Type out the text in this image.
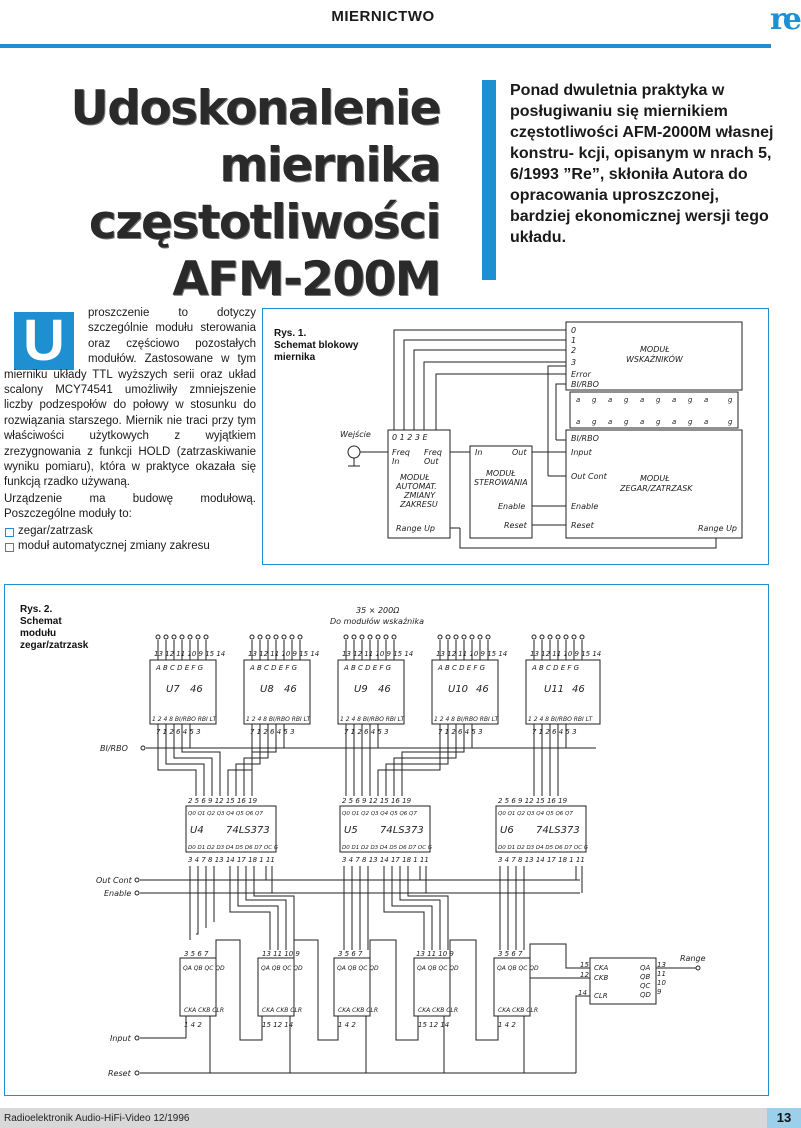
MIERNICTWO	re
Udoskonalenie
miernika
częstotliwości
AFM-200M
Ponad dwuletnia praktyka w posługiwaniu się miernikiem częstotliwości AFM-2000M własnej konstru- kcji, opisanym w nrach 5, 6/1993 ”Re”, skłoniła Autora do opracowania uproszczonej, bardziej ekonomicznej wersji tego układu.
U	proszczenie to dotyczy szczególnie modułu sterowania oraz częściowo pozostałych modułów. Zastosowane w tym mierniku układy TTL wyższych serii oraz układ scalony MCY74541 umożliwiły zmniejszenie liczby podzespołów do połowy w stosunku do rozwiązania starszego. Miernik nie traci przy tym właściwości użytkowych z wyjątkiem zrezygnowania z funkcji HOLD (zatrzaskiwanie wyniku pomiaru), która w praktyce okazała się funkcją rzadko używaną.

Urządzenie ma budowę modułową. Poszczególne moduły to:

zegar/zatrzask
moduł automatycznej zmiany zakresu
Rys. 1.
Schemat blokowy
miernika
Wejście	0 1 2 3 E
Freq
In
Freq
Out
MODUŁ
AUTOMAT.
ZMIANY
ZAKRESU
Range Up
In	Out
MODUŁ
STEROWANIA
Enable
Reset
0
1
2
3
Error
BI/RBO
MODUŁ
WSKAŹNIKÓW
BI/RBO
Input
Out Cont
Enable
Reset
MODUŁ
ZEGAR/ZATRZASK
Range Up
a g a g a g a g a	g
a g a g a g a g a	g
Rys. 2.
Schemat
modułu
zegar/zatrzask
35 × 200Ω
Do modułów wskaźnika
13 12 11 10 9 15 14	13 12 11 10 9 15 14	13 12 11 10 9 15 14	13 12 11 10 9 15 14	13 12 11 10 9 15 14
A B C D E F G	A B C D E F G	A B C D E F G	A B C D E F G	A B C D E F G
1 2 4 8 BI/RBO RBI LT	1 2 4 8 BI/RBO RBI LT	1 2 4 8 BI/RBO RBI LT	1 2 4 8 BI/RBO RBI LT	1 2 4 8 BI/RBO RBI LT
7 1 2 6 4 5 3	7 1 2 6 4 5 3	7 1 2 6 4 5 3	7 1 2 6 4 5 3	7 1 2 6 4 5 3
U7 46	U8 46	U9 46	U10 46	U11 46
BI/RBO
2 5 6 9 12 15 16 19	2 5 6 9 12 15 16 19	2 5 6 9 12 15 16 19
Q0 Q1 Q2 Q3 Q4 Q5 Q6 Q7	Q0 Q1 Q2 Q3 Q4 Q5 Q6 Q7	Q0 Q1 Q2 Q3 Q4 Q5 Q6 Q7
D0 D1 D2 D3 D4 D5 D6 D7 OC G	D0 D1 D2 D3 D4 D5 D6 D7 OC G	D0 D1 D2 D3 D4 D5 D6 D7 OC G
3 4 7 8 13 14 17 18 1 11	3 4 7 8 13 14 17 18 1 11	3 4 7 8 13 14 17 18 1 11
U4 74LS373	U5 74LS373	U6 74LS373
Out Cont
Enable
3 5 6 7	13 11 10 9	3 5 6 7	13 11 10 9	3 5 6 7
QA QB QC QD	QA QB QC QD	QA QB QC QD	QA QB QC QD	QA QB QC QD
CKA CKB CLR	CKA CKB CLR	CKA CKB CLR	CKA CKB CLR	CKA CKB CLR
1 4 2	15 12 14	1 4 2	15 12 14	1 4 2
CKA
CKB
CLR
15
12
14
QA
QB
QC
QD
13
11
10
9
Range
Input
Reset
Radioelektronik Audio-HiFi-Video 12/1996	13
